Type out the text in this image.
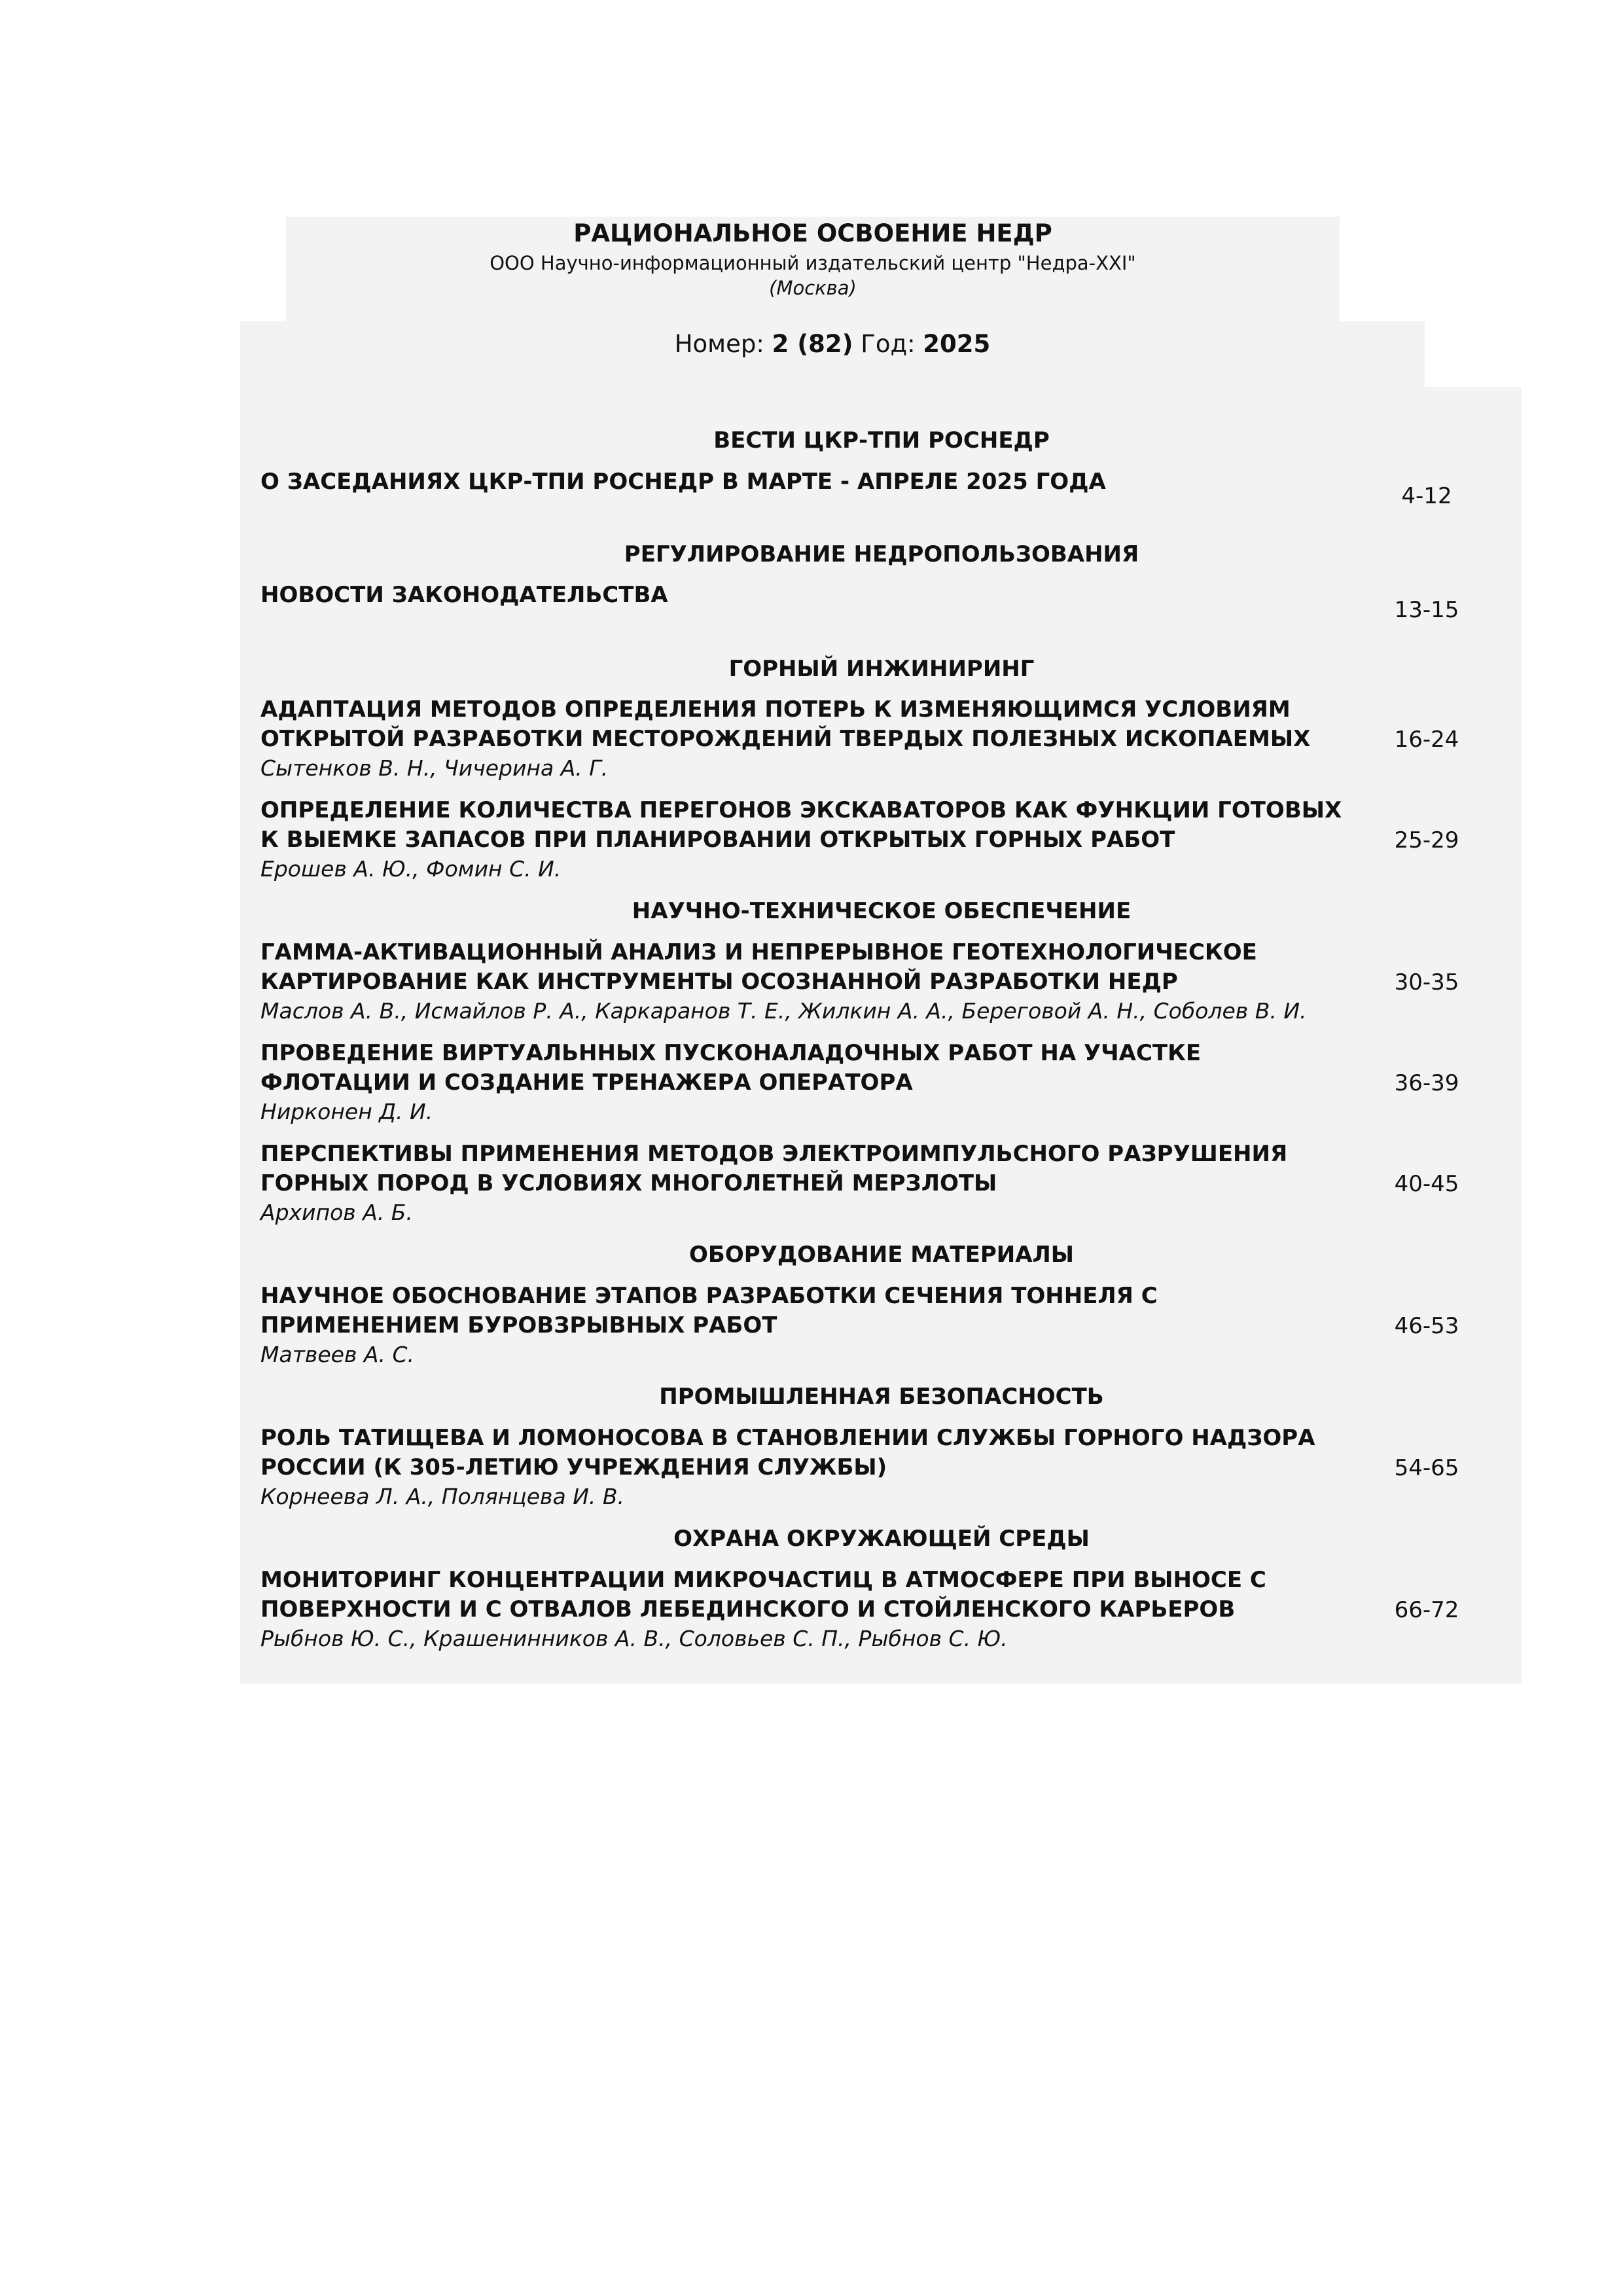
РАЦИОНАЛЬНОЕ ОСВОЕНИЕ НЕДР
ООО Научно-информационный издательский центр "Недра-XXI"
(Москва)
Номер: 2 (82) Год: 2025
ВЕСТИ ЦКР-ТПИ РОСНЕДР
О ЗАСЕДАНИЯХ ЦКР-ТПИ РОСНЕДР В МАРТЕ - АПРЕЛЕ 2025 ГОДА
4-12
РЕГУЛИРОВАНИЕ НЕДРОПОЛЬЗОВАНИЯ
НОВОСТИ ЗАКОНОДАТЕЛЬСТВА
13-15
ГОРНЫЙ ИНЖИНИРИНГ
АДАПТАЦИЯ МЕТОДОВ ОПРЕДЕЛЕНИЯ ПОТЕРЬ К ИЗМЕНЯЮЩИМСЯ УСЛОВИЯМ
ОТКРЫТОЙ РАЗРАБОТКИ МЕСТОРОЖДЕНИЙ ТВЕРДЫХ ПОЛЕЗНЫХ ИСКОПАЕМЫХ
Сытенков В. Н., Чичерина А. Г.
16-24
ОПРЕДЕЛЕНИЕ КОЛИЧЕСТВА ПЕРЕГОНОВ ЭКСКАВАТОРОВ КАК ФУНКЦИИ ГОТОВЫХ
К ВЫЕМКЕ ЗАПАСОВ ПРИ ПЛАНИРОВАНИИ ОТКРЫТЫХ ГОРНЫХ РАБОТ
Ерошев А. Ю., Фомин С. И.
25-29
НАУЧНО-ТЕХНИЧЕСКОЕ ОБЕСПЕЧЕНИЕ
ГАММА-АКТИВАЦИОННЫЙ АНАЛИЗ И НЕПРЕРЫВНОЕ ГЕОТЕХНОЛОГИЧЕСКОЕ
КАРТИРОВАНИЕ КАК ИНСТРУМЕНТЫ ОСОЗНАННОЙ РАЗРАБОТКИ НЕДР
Маслов А. В., Исмайлов Р. А., Каркаранов Т. Е., Жилкин А. А., Береговой А. Н., Соболев В. И.
30-35
ПРОВЕДЕНИЕ ВИРТУАЛЬННЫХ ПУСКОНАЛАДОЧНЫХ РАБОТ НА УЧАСТКЕ
ФЛОТАЦИИ И СОЗДАНИЕ ТРЕНАЖЕРА ОПЕРАТОРА
Нирконен Д. И.
36-39
ПЕРСПЕКТИВЫ ПРИМЕНЕНИЯ МЕТОДОВ ЭЛЕКТРОИМПУЛЬСНОГО РАЗРУШЕНИЯ
ГОРНЫХ ПОРОД В УСЛОВИЯХ МНОГОЛЕТНЕЙ МЕРЗЛОТЫ
Архипов А. Б.
40-45
ОБОРУДОВАНИЕ МАТЕРИАЛЫ
НАУЧНОЕ ОБОСНОВАНИЕ ЭТАПОВ РАЗРАБОТКИ СЕЧЕНИЯ ТОННЕЛЯ С
ПРИМЕНЕНИЕМ БУРОВЗРЫВНЫХ РАБОТ
Матвеев А. С.
46-53
ПРОМЫШЛЕННАЯ БЕЗОПАСНОСТЬ
РОЛЬ ТАТИЩЕВА И ЛОМОНОСОВА В СТАНОВЛЕНИИ СЛУЖБЫ ГОРНОГО НАДЗОРА
РОССИИ (К 305-ЛЕТИЮ УЧРЕЖДЕНИЯ СЛУЖБЫ)
Корнеева Л. А., Полянцева И. В.
54-65
ОХРАНА ОКРУЖАЮЩЕЙ СРЕДЫ
МОНИТОРИНГ КОНЦЕНТРАЦИИ МИКРОЧАСТИЦ В АТМОСФЕРЕ ПРИ ВЫНОСЕ С
ПОВЕРХНОСТИ И С ОТВАЛОВ ЛЕБЕДИНСКОГО И СТОЙЛЕНСКОГО КАРЬЕРОВ
Рыбнов Ю. С., Крашенинников А. В., Соловьев С. П., Рыбнов С. Ю.
66-72
